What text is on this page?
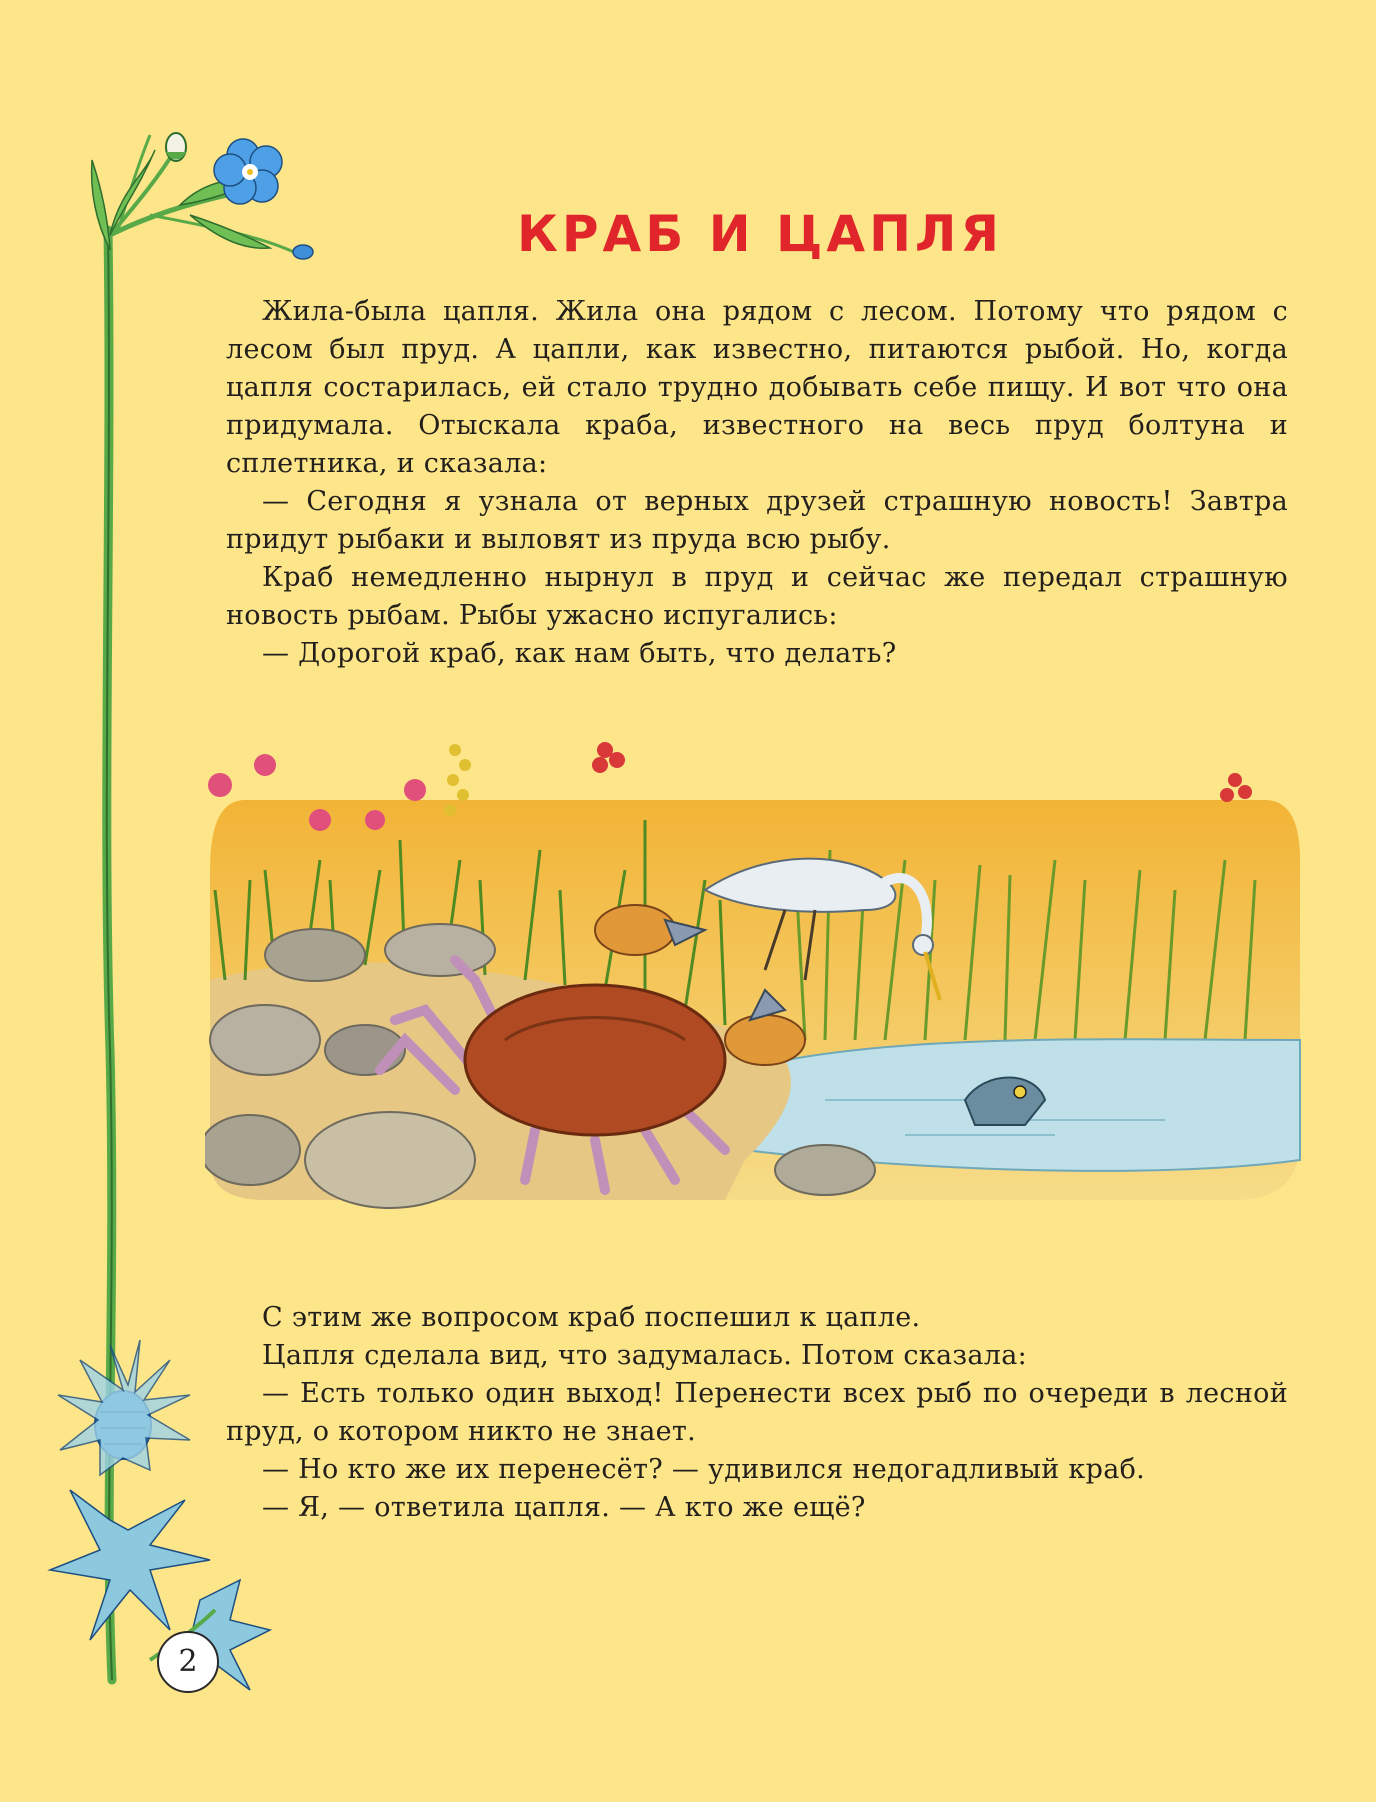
КРАБ И ЦАПЛЯ

Жила-была цапля. Жила она рядом с лесом. Потому что рядом с лесом был пруд. А цапли, как известно, питаются рыбой. Но, когда цапля состарилась, ей стало трудно добывать себе пищу. И вот что она придумала. Отыскала краба, известного на весь пруд болтуна и сплетника, и сказала:

— Сегодня я узнала от верных друзей страшную новость! Завтра придут рыбаки и выловят из пруда всю рыбу.

Краб немедленно нырнул в пруд и сейчас же передал страшную новость рыбам. Рыбы ужасно испугались:

— Дорогой краб, как нам быть, что делать?

С этим же вопросом краб поспешил к цапле.

Цапля сделала вид, что задумалась. Потом сказала:

— Есть только один выход! Перенести всех рыб по очереди в лесной пруд, о котором никто не знает.

— Но кто же их перенесёт? — удивился недогадливый краб.

— Я, — ответила цапля. — А кто же ещё?

2
